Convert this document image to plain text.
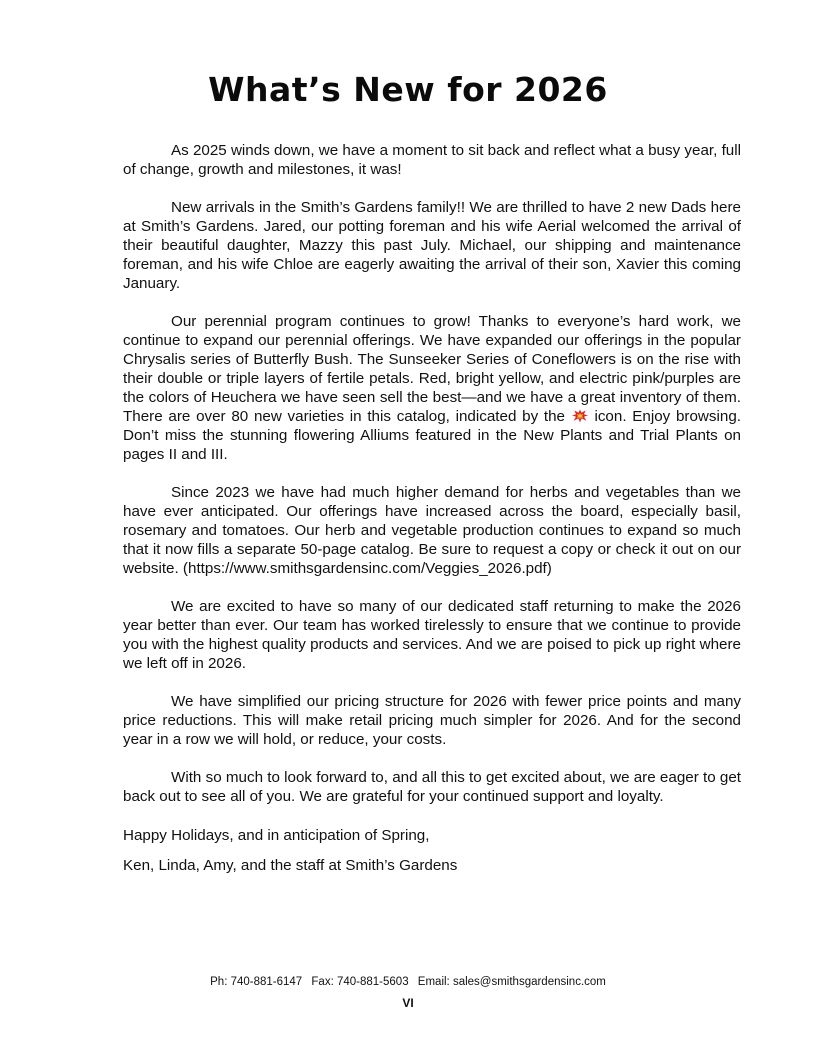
What’s New for 2026

As 2025 winds down, we have a moment to sit back and reflect what a busy year, full of change, growth and milestones, it was!

New arrivals in the Smith’s Gardens family!! We are thrilled to have 2 new Dads here at Smith’s Gardens. Jared, our potting foreman and his wife Aerial welcomed the arrival of their beautiful daughter, Mazzy this past July. Michael, our shipping and maintenance foreman, and his wife Chloe are eagerly awaiting the arrival of their son, Xavier this coming January.

Our perennial program continues to grow! Thanks to everyone’s hard work, we continue to expand our perennial offerings. We have expanded our offerings in the popular Chrysalis series of Butterfly Bush. The Sunseeker Series of Coneflowers is on the rise with their double or triple layers of fertile petals. Red, bright yellow, and electric pink/purples are the colors of Heuchera we have seen sell the best—and we have a great inventory of them. There are over 80 new varieties in this catalog, indicated by the icon. Enjoy browsing. Don’t miss the stunning flowering Alliums featured in the New Plants and Trial Plants on pages II and III.

Since 2023 we have had much higher demand for herbs and vegetables than we have ever anticipated. Our offerings have increased across the board, especially basil, rosemary and tomatoes. Our herb and vegetable production continues to expand so much that it now fills a separate 50-page catalog. Be sure to request a copy or check it out on our website. (https://www.smithsgardensinc.com/Veggies_2026.pdf)

We are excited to have so many of our dedicated staff returning to make the 2026 year better than ever. Our team has worked tirelessly to ensure that we continue to provide you with the highest quality products and services. And we are poised to pick up right where we left off in 2026.

We have simplified our pricing structure for 2026 with fewer price points and many price reductions. This will make retail pricing much simpler for 2026. And for the second year in a row we will hold, or reduce, your costs.

With so much to look forward to, and all this to get excited about, we are eager to get back out to see all of you. We are grateful for your continued support and loyalty.

Happy Holidays, and in anticipation of Spring,
Ken, Linda, Amy, and the staff at Smith’s Gardens
Ph: 740-881-6147 Fax: 740-881-5603 Email: sales@smithsgardensinc.com
VI
